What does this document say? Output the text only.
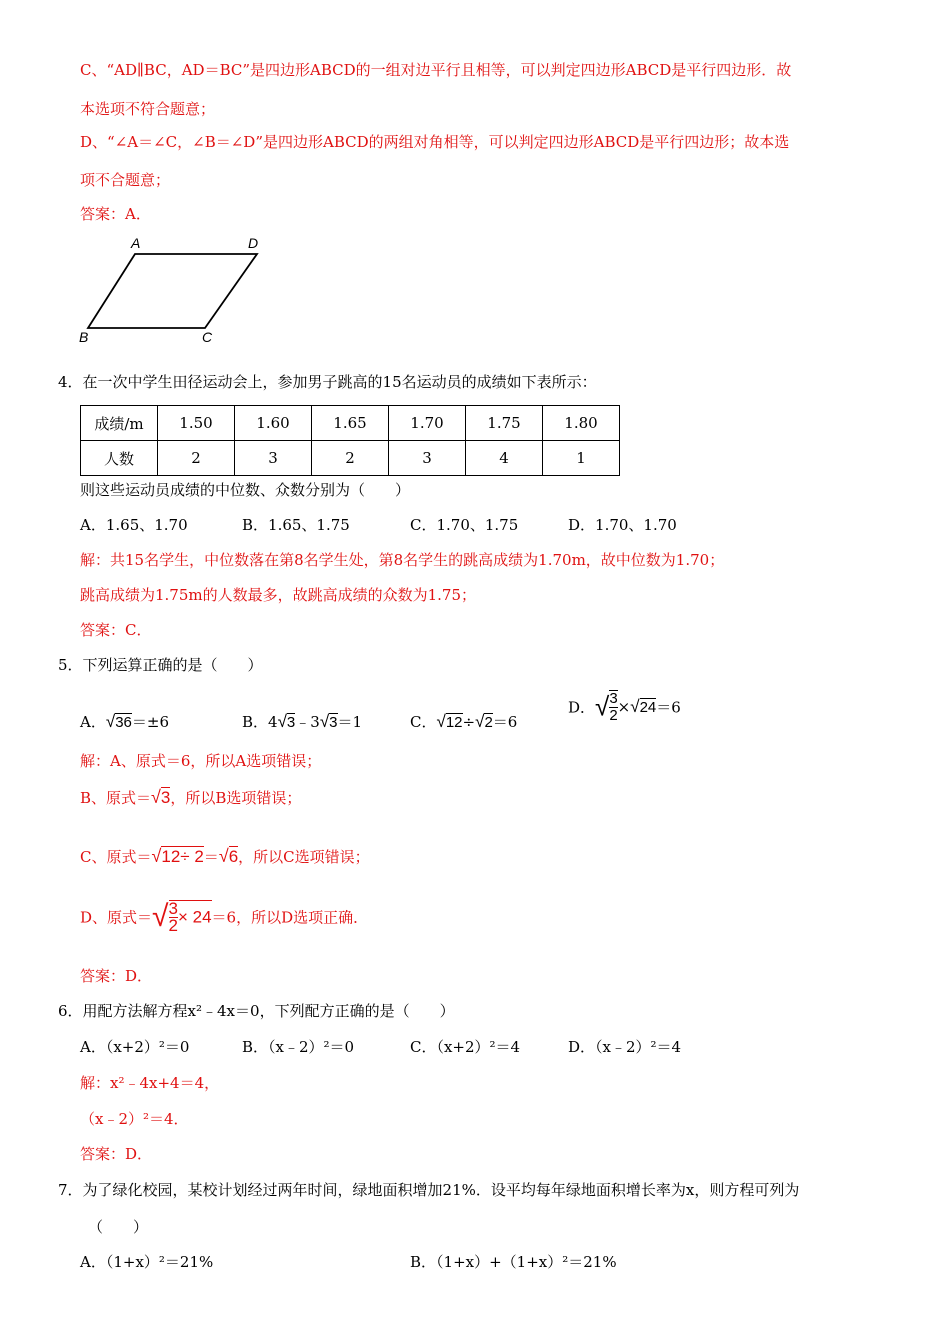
C、“AD∥BC，AD＝BC”是四边形ABCD的一组对边平行且相等，可以判定四边形ABCD是平行四边形．故
本选项不符合题意；
D、“∠A＝∠C，∠B＝∠D”是四边形ABCD的两组对角相等，可以判定四边形ABCD是平行四边形；故本选
项不合题意；
答案：A．
A	D
B	C
4．在一次中学生田径运动会上，参加男子跳高的15名运动员的成绩如下表所示：
成绩/m	1.50	1.60	1.65	1.70	1.75	1.80
人数	2	3	2	3	4	1
则这些运动员成绩的中位数、众数分别为（　　）
A．1.65、1.70	B．1.65、1.75	C．1.70、1.75	D．1.70、1.70
解：共15名学生，中位数落在第8名学生处，第8名学生的跳高成绩为1.70m，故中位数为1.70；
跳高成绩为1.75m的人数最多，故跳高成绩的众数为1.75；
答案：C．
5．下列运算正确的是（　　）
A．√36＝±6	B．4√3﹣3√3＝1	C．√12÷√2＝6
D．√ $\frac{3}{2} \times√24=6$
解：A、原式＝6，所以A选项错误；
B、原式＝√3，所以B选项错误；
C、原式＝√12÷ 2＝√6，所以C选项错误；
D、原式＝√ $\frac{3}{2} \times 24=6$，所以D选项正确．
答案：D．
6．用配方法解方程x²﹣4x＝0，下列配方正确的是（　　）
A．（x+2）²＝0	B．（x﹣2）²＝0	C．（x+2）²＝4	D．（x﹣2）²＝4
解：x²﹣4x+4＝4，
（x﹣2）²＝4．
答案：D．
7．为了绿化校园，某校计划经过两年时间，绿地面积增加21%．设平均每年绿地面积增长率为x，则方程可列为
（　　）
A．（1+x）²＝21%	B．（1+x）+（1+x）²＝21%
